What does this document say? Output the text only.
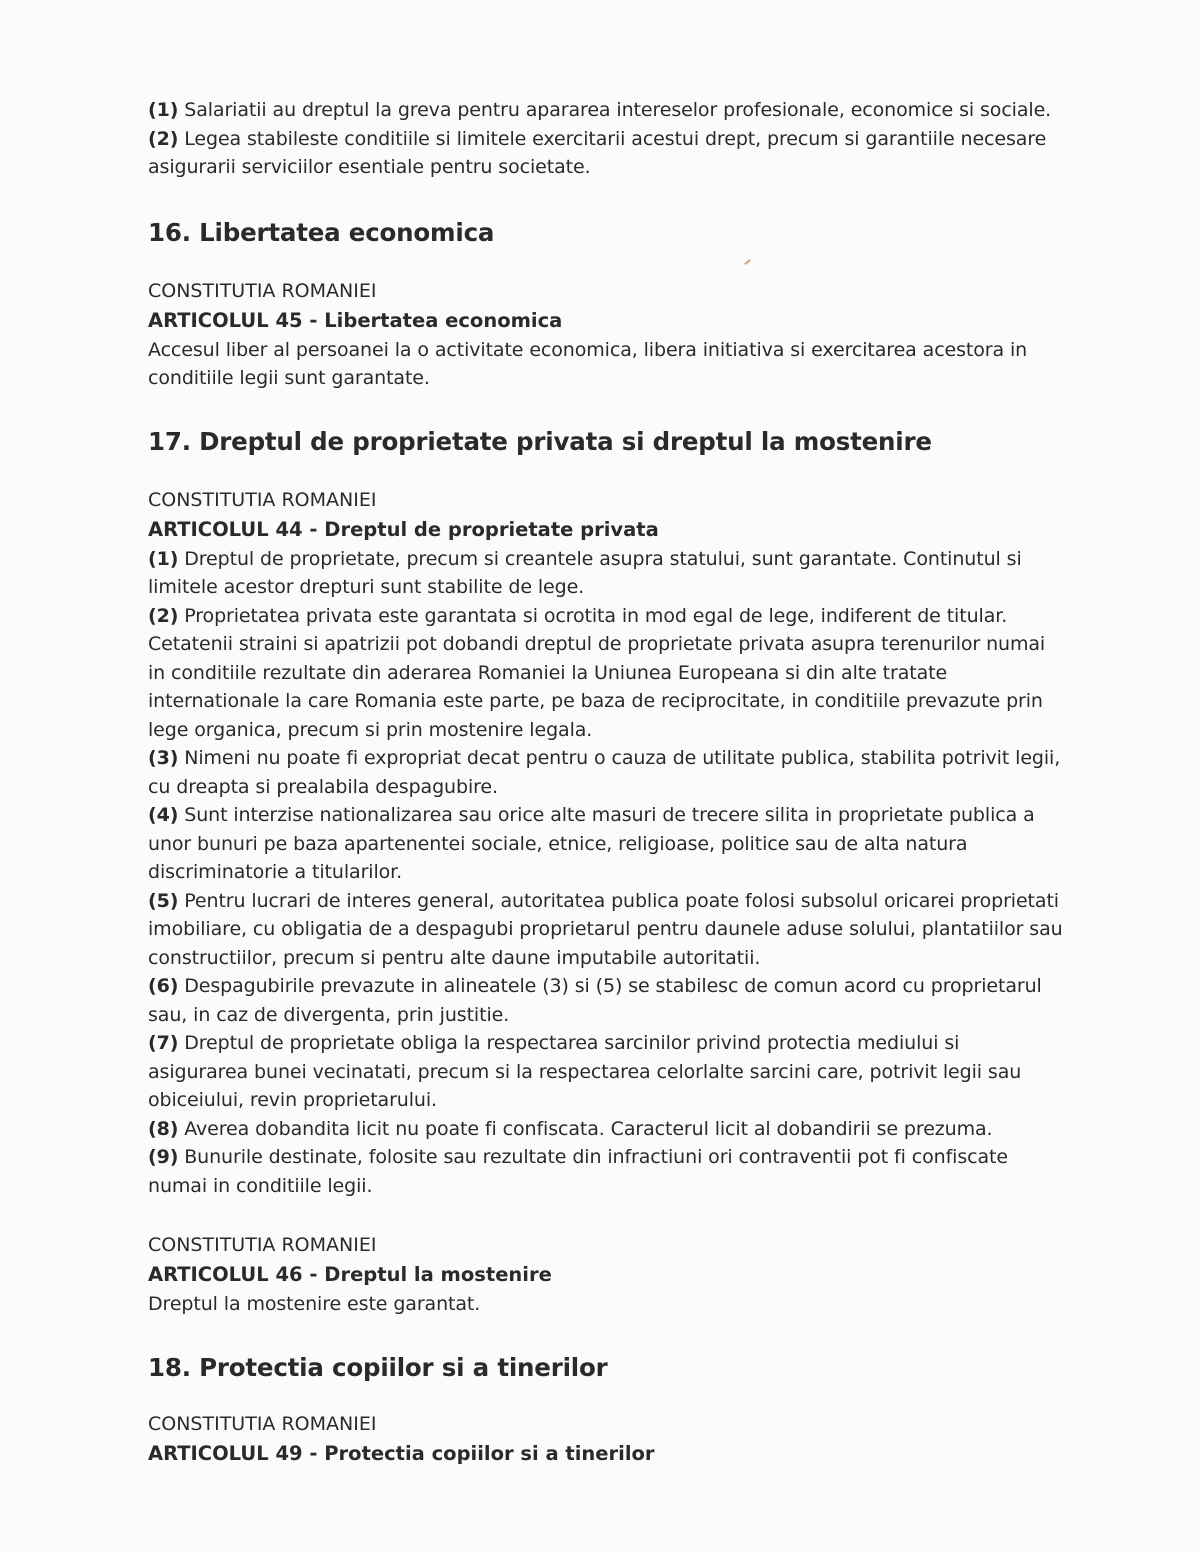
(1) Salariatii au dreptul la greva pentru apararea intereselor profesionale, economice si sociale.

(2) Legea stabileste conditiile si limitele exercitarii acestui drept, precum si garantiile necesare asigurarii serviciilor esentiale pentru societate.

16. Libertatea economica

CONSTITUTIA ROMANIEI

ARTICOLUL 45 - Libertatea economica

Accesul liber al persoanei la o activitate economica, libera initiativa si exercitarea acestora in conditiile legii sunt garantate.

17. Dreptul de proprietate privata si dreptul la mostenire

CONSTITUTIA ROMANIEI

ARTICOLUL 44 - Dreptul de proprietate privata

(1) Dreptul de proprietate, precum si creantele asupra statului, sunt garantate. Continutul si limitele acestor drepturi sunt stabilite de lege.

(2) Proprietatea privata este garantata si ocrotita in mod egal de lege, indiferent de titular. Cetatenii straini si apatrizii pot dobandi dreptul de proprietate privata asupra terenurilor numai in conditiile rezultate din aderarea Romaniei la Uniunea Europeana si din alte tratate internationale la care Romania este parte, pe baza de reciprocitate, in conditiile prevazute prin lege organica, precum si prin mostenire legala.

(3) Nimeni nu poate fi expropriat decat pentru o cauza de utilitate publica, stabilita potrivit legii, cu dreapta si prealabila despagubire.

(4) Sunt interzise nationalizarea sau orice alte masuri de trecere silita in proprietate publica a unor bunuri pe baza apartenentei sociale, etnice, religioase, politice sau de alta natura discriminatorie a titularilor.

(5) Pentru lucrari de interes general, autoritatea publica poate folosi subsolul oricarei proprietati imobiliare, cu obligatia de a despagubi proprietarul pentru daunele aduse solului, plantatiilor sau constructiilor, precum si pentru alte daune imputabile autoritatii.

(6) Despagubirile prevazute in alineatele (3) si (5) se stabilesc de comun acord cu proprietarul sau, in caz de divergenta, prin justitie.

(7) Dreptul de proprietate obliga la respectarea sarcinilor privind protectia mediului si asigurarea bunei vecinatati, precum si la respectarea celorlalte sarcini care, potrivit legii sau obiceiului, revin proprietarului.

(8) Averea dobandita licit nu poate fi confiscata. Caracterul licit al dobandirii se prezuma.

(9) Bunurile destinate, folosite sau rezultate din infractiuni ori contraventii pot fi confiscate numai in conditiile legii.

CONSTITUTIA ROMANIEI

ARTICOLUL 46 - Dreptul la mostenire

Dreptul la mostenire este garantat.

18. Protectia copiilor si a tinerilor

CONSTITUTIA ROMANIEI

ARTICOLUL 49 - Protectia copiilor si a tinerilor
